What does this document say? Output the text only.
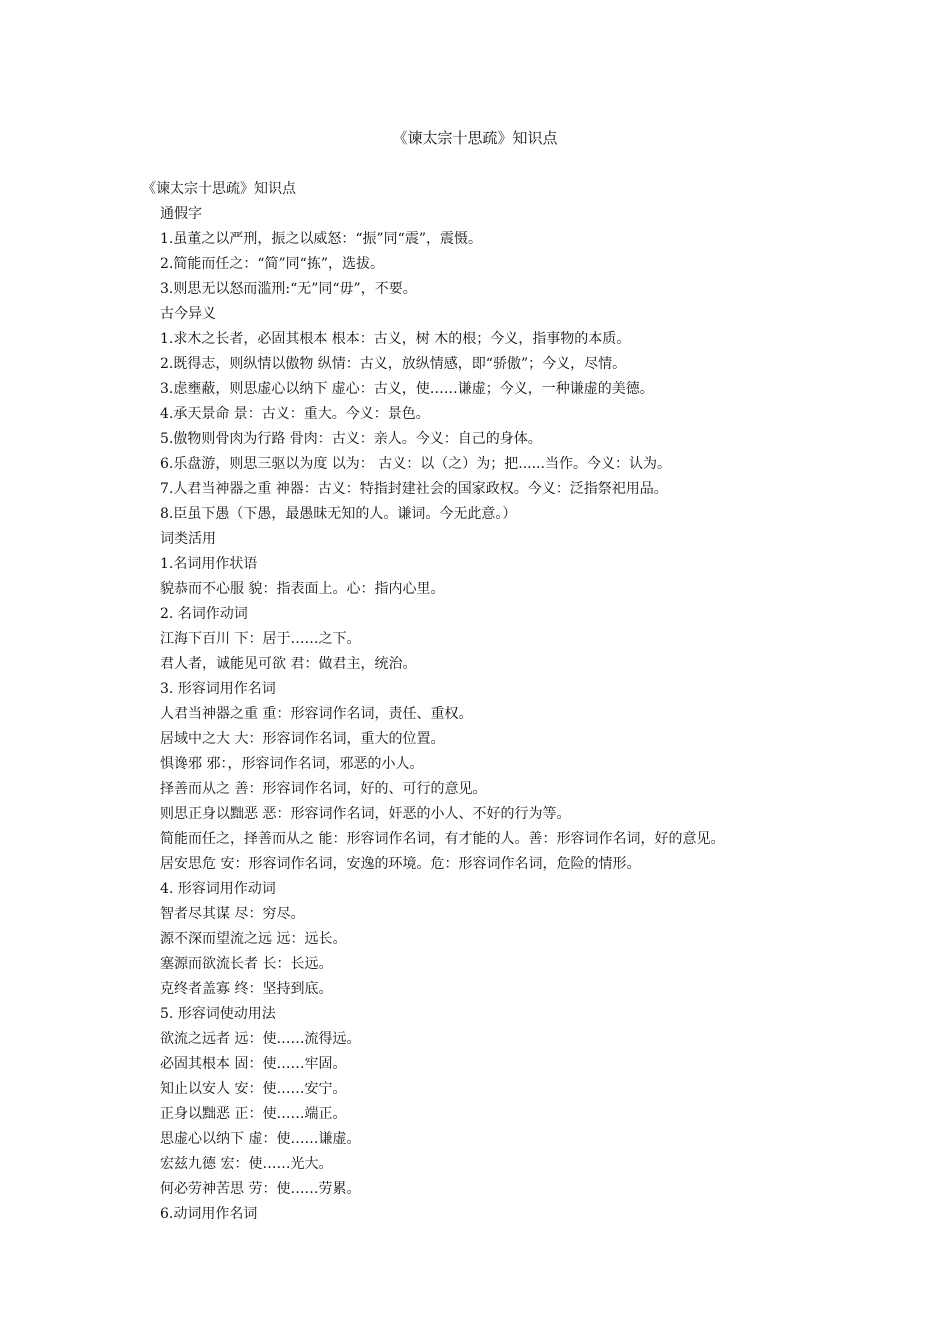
《谏太宗十思疏》知识点
《谏太宗十思疏》知识点
通假字
1.虽董之以严刑，振之以威怒：“振”同“震”，震慑。
2.简能而任之：“简”同“拣”，选拔。
3.则思无以怒而滥刑:“无”同“毋”，不要。
古今异义
1.求木之长者，必固其根本 根本：古义，树 木的根；今义，指事物的本质。
2.既得志，则纵情以傲物 纵情：古义，放纵情感，即“骄傲”；今义，尽情。
3.虑壅蔽，则思虚心以纳下 虚心：古义，使……谦虚；今义，一种谦虚的美德。
4.承天景命 景：古义：重大。今义：景色。
5.傲物则骨肉为行路 骨肉：古义：亲人。今义：自己的身体。
6.乐盘游，则思三驱以为度 以为： 古义：以（之）为；把......当作。今义：认为。
7.人君当神器之重 神器：古义：特指封建社会的国家政权。今义：泛指祭祀用品。
8.臣虽下愚（下愚，最愚昧无知的人。谦词。今无此意。）
词类活用
1.名词用作状语
貌恭而不心服 貌：指表面上。心：指内心里。
2. 名词作动词
江海下百川 下：居于……之下。
君人者，诚能见可欲 君：做君主，统治。
3. 形容词用作名词
人君当神器之重 重：形容词作名词，责任、重权。
居域中之大 大：形容词作名词，重大的位置。
惧谗邪 邪：，形容词作名词，邪恶的小人。
择善而从之 善：形容词作名词，好的、可行的意见。
则思正身以黜恶 恶：形容词作名词，奸恶的小人、不好的行为等。
简能而任之，择善而从之 能：形容词作名词，有才能的人。善：形容词作名词，好的意见。
居安思危 安：形容词作名词，安逸的环境。危：形容词作名词，危险的情形。
4. 形容词用作动词
智者尽其谋 尽：穷尽。
源不深而望流之远 远：远长。
塞源而欲流长者 长：长远。
克终者盖寡 终：坚持到底。
5. 形容词使动用法
欲流之远者 远：使……流得远。
必固其根本 固：使……牢固。
知止以安人 安：使……安宁。
正身以黜恶 正：使……端正。
思虚心以纳下 虚：使……谦虚。
宏兹九德 宏：使……光大。
何必劳神苦思 劳：使……劳累。
6.动词用作名词
